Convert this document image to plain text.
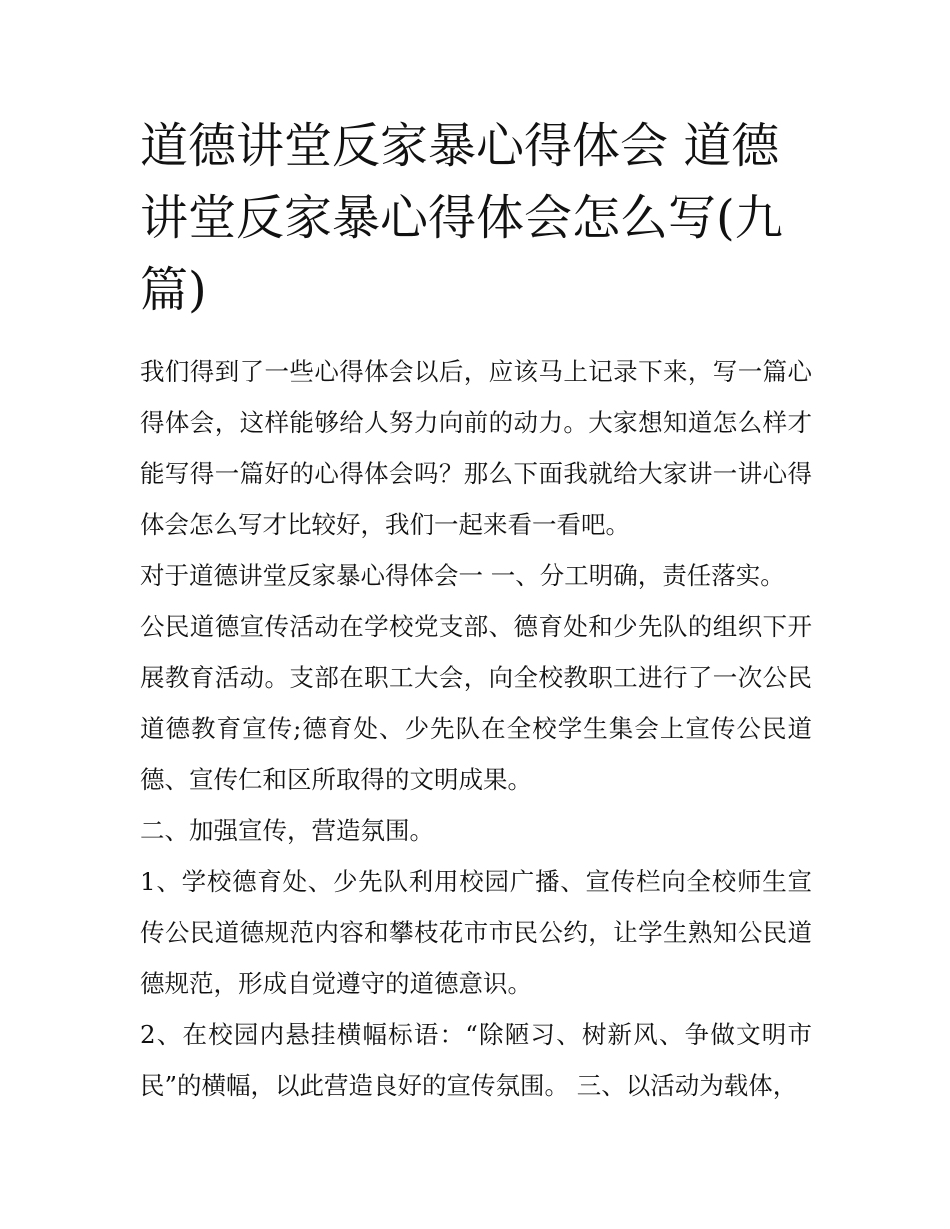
道德讲堂反家暴心得体会 道德讲堂反家暴心得体会怎么写(九篇)

我们得到了一些心得体会以后，应该马上记录下来，写一篇心得体会，这样能够给人努力向前的动力。大家想知道怎么样才能写得一篇好的心得体会吗？那么下面我就给大家讲一讲心得体会怎么写才比较好，我们一起来看一看吧。

对于道德讲堂反家暴心得体会一 一、分工明确，责任落实。

公民道德宣传活动在学校党支部、德育处和少先队的组织下开展教育活动。支部在职工大会，向全校教职工进行了一次公民道德教育宣传;德育处、少先队在全校学生集会上宣传公民道德、宣传仁和区所取得的文明成果。

二、加强宣传，营造氛围。

1、学校德育处、少先队利用校园广播、宣传栏向全校师生宣传公民道德规范内容和攀枝花市市民公约，让学生熟知公民道德规范，形成自觉遵守的道德意识。

2、在校园内悬挂横幅标语：“除陋习、树新风、争做文明市民”的横幅，以此营造良好的宣传氛围。 三、以活动为载体，
